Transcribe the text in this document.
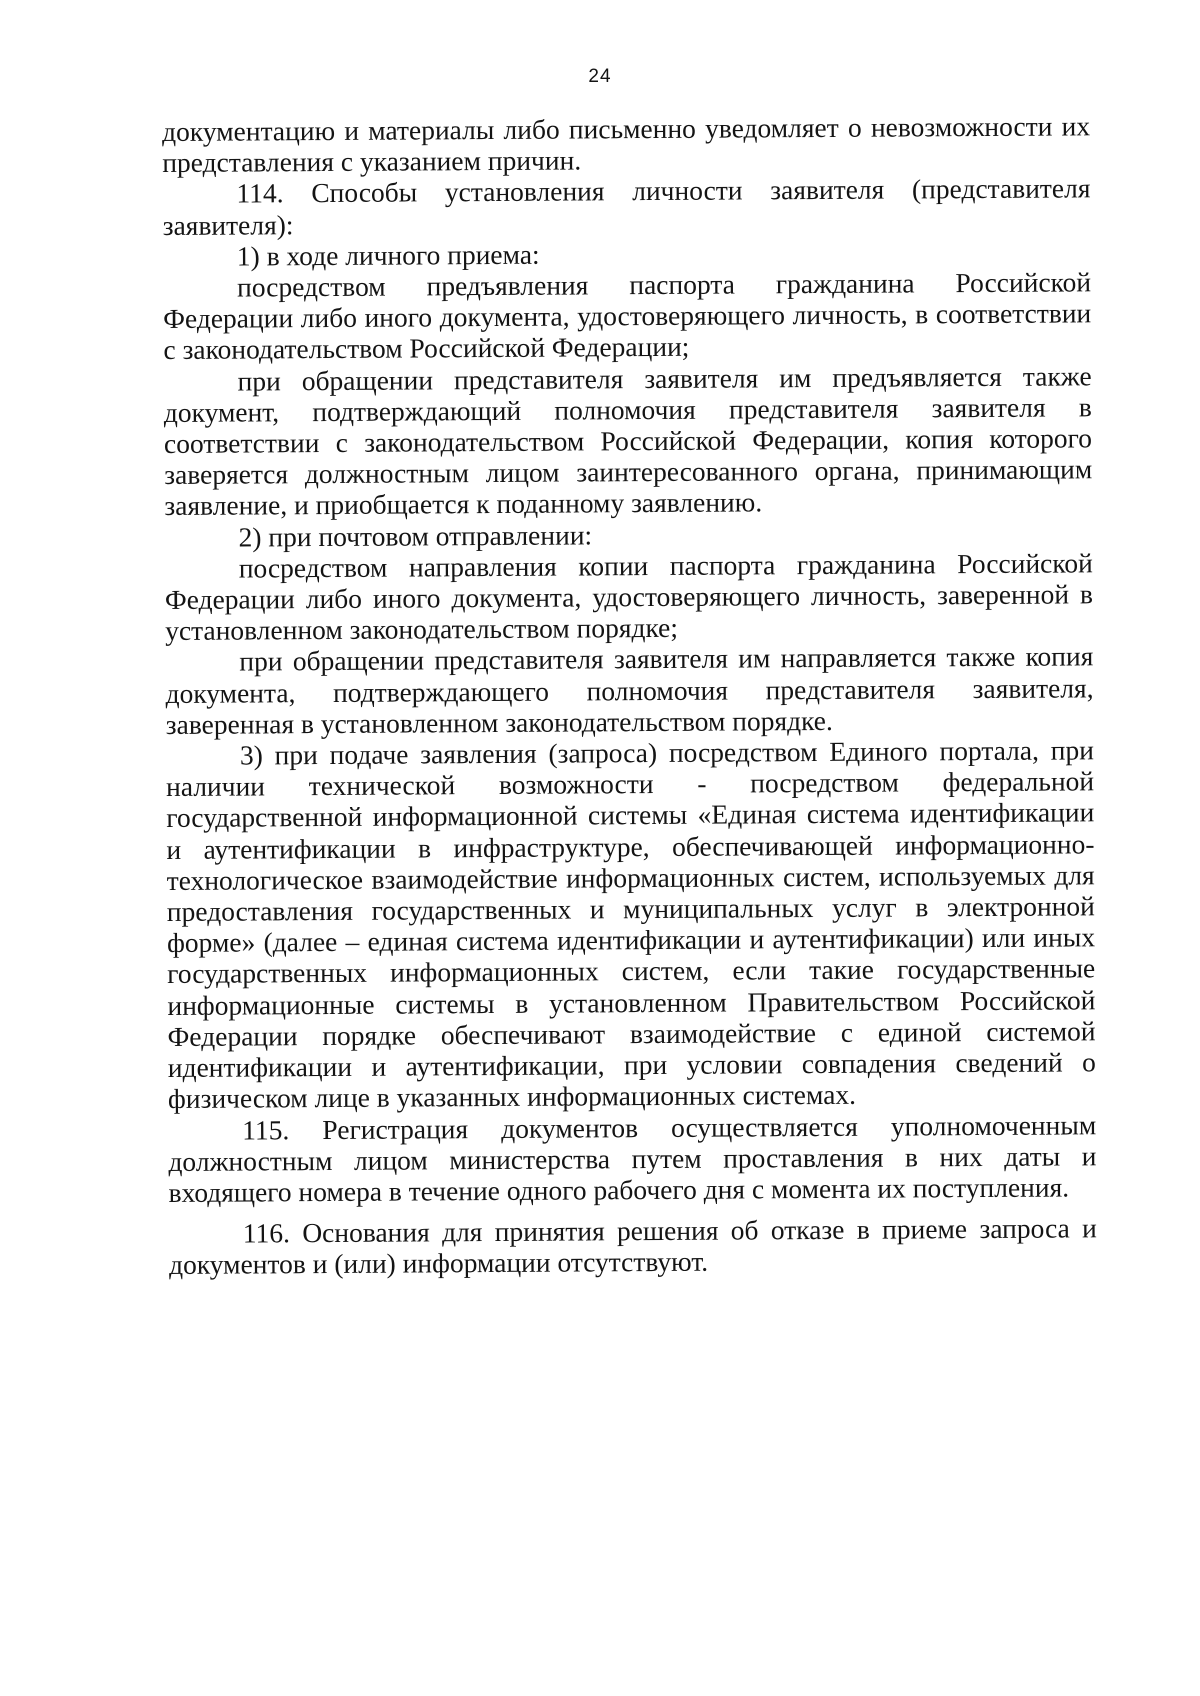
24

документацию и материалы либо письменно уведомляет о невозможности их представления с указанием причин.

114. Способы установления личности заявителя (представителя заявителя):

1) в ходе личного приема:

посредством предъявления паспорта гражданина Российской Федерации либо иного документа, удостоверяющего личность, в соответствии с законодательством Российской Федерации;

при обращении представителя заявителя им предъявляется также документ, подтверждающий полномочия представителя заявителя в соответствии с законодательством Российской Федерации, копия которого заверяется должностным лицом заинтересованного органа, принимающим заявление, и приобщается к поданному заявлению.

2) при почтовом отправлении:

посредством направления копии паспорта гражданина Российской Федерации либо иного документа, удостоверяющего личность, заверенной в установленном законодательством порядке;

при обращении представителя заявителя им направляется также копия документа, подтверждающего полномочия представителя заявителя, заверенная в установленном законодательством порядке.

3) при подаче заявления (запроса) посредством Единого портала, при наличии технической возможности - посредством федеральной государственной информационной системы «Единая система идентификации и аутентификации в инфраструктуре, обеспечивающей информационно-технологическое взаимодействие информационных систем, используемых для предоставления государственных и муниципальных услуг в электронной форме» (далее – единая система идентификации и аутентификации) или иных государственных информационных систем, если такие государственные информационные системы в установленном Правительством Российской Федерации порядке обеспечивают взаимодействие с единой системой идентификации и аутентификации, при условии совпадения сведений о физическом лице в указанных информационных системах.

115. Регистрация документов осуществляется уполномоченным должностным лицом министерства путем проставления в них даты и входящего номера в течение одного рабочего дня с момента их поступления.

116. Основания для принятия решения об отказе в приеме запроса и документов и (или) информации отсутствуют.
